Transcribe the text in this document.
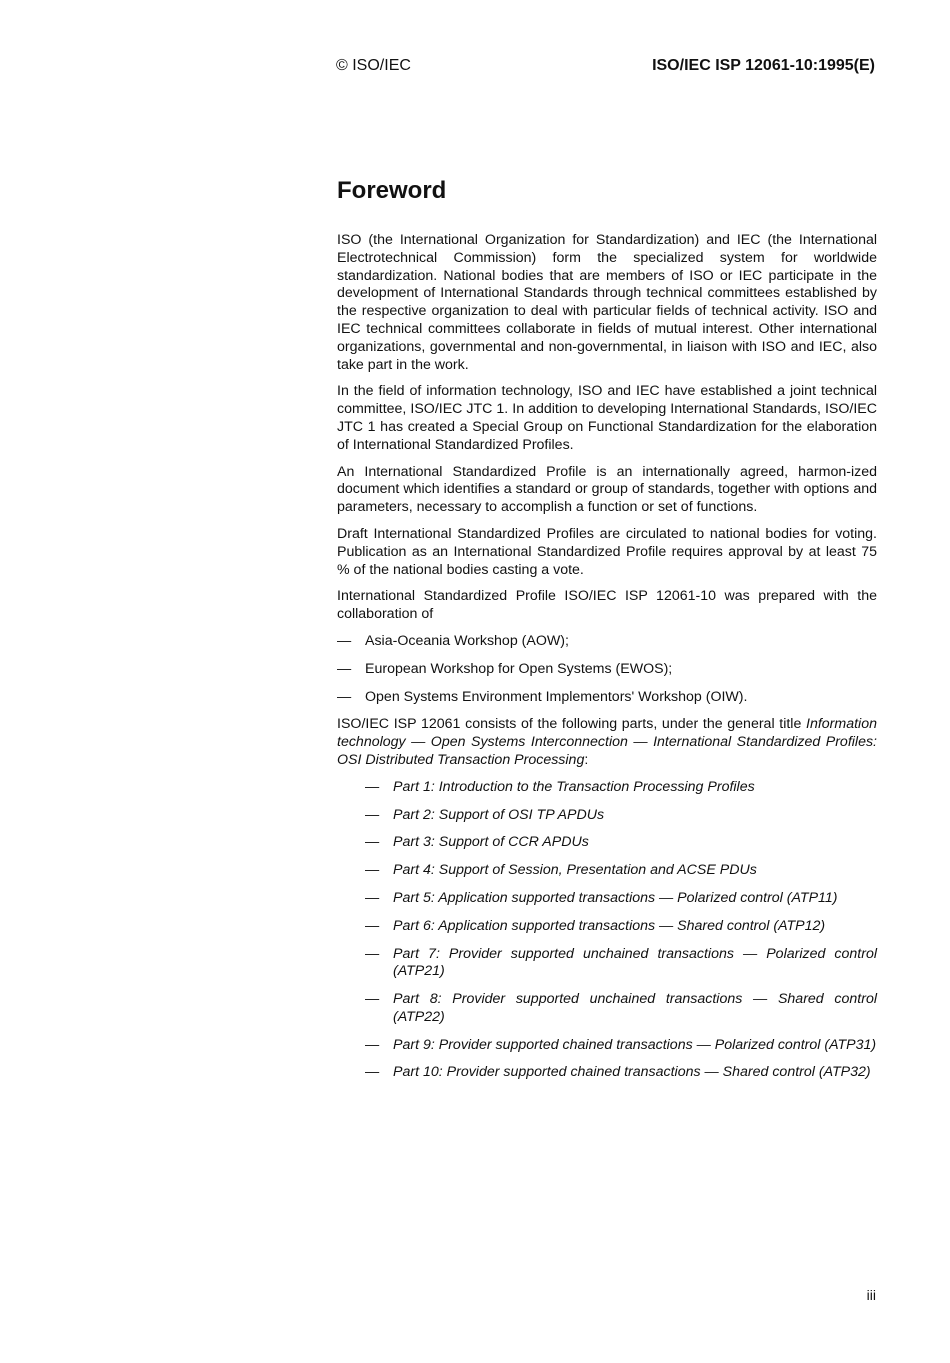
© ISO/IEC	ISO/IEC ISP 12061-10:1995(E)
Foreword

ISO (the International Organization for Standardization) and IEC (the International Electrotechnical Commission) form the specialized system for worldwide standardization. National bodies that are members of ISO or IEC participate in the development of International Standards through technical committees established by the respective organization to deal with particular fields of technical activity. ISO and IEC technical committees collaborate in fields of mutual interest. Other international organizations, governmental and non-governmental, in liaison with ISO and IEC, also take part in the work.

In the field of information technology, ISO and IEC have established a joint technical committee, ISO/IEC JTC 1. In addition to developing International Standards, ISO/IEC JTC 1 has created a Special Group on Functional Standardization for the elaboration of International Standardized Profiles.

An International Standardized Profile is an internationally agreed, harmon-ized document which identifies a standard or group of standards, together with options and parameters, necessary to accomplish a function or set of functions.

Draft International Standardized Profiles are circulated to national bodies for voting. Publication as an International Standardized Profile requires approval by at least 75 % of the national bodies casting a vote.

International Standardized Profile ISO/IEC ISP 12061-10 was prepared with the collaboration of

— Asia-Oceania Workshop (AOW);
— European Workshop for Open Systems (EWOS);
— Open Systems Environment Implementors' Workshop (OIW).

ISO/IEC ISP 12061 consists of the following parts, under the general title Information technology — Open Systems Interconnection — International Standardized Profiles: OSI Distributed Transaction Processing:

— Part 1: Introduction to the Transaction Processing Profiles
— Part 2: Support of OSI TP APDUs
— Part 3: Support of CCR APDUs
— Part 4: Support of Session, Presentation and ACSE PDUs
— Part 5: Application supported transactions — Polarized control (ATP11)
— Part 6: Application supported transactions — Shared control (ATP12)
— Part 7: Provider supported unchained transactions — Polarized control (ATP21)
— Part 8: Provider supported unchained transactions — Shared control (ATP22)
— Part 9: Provider supported chained transactions — Polarized control (ATP31)
— Part 10: Provider supported chained transactions — Shared control (ATP32)
iii
